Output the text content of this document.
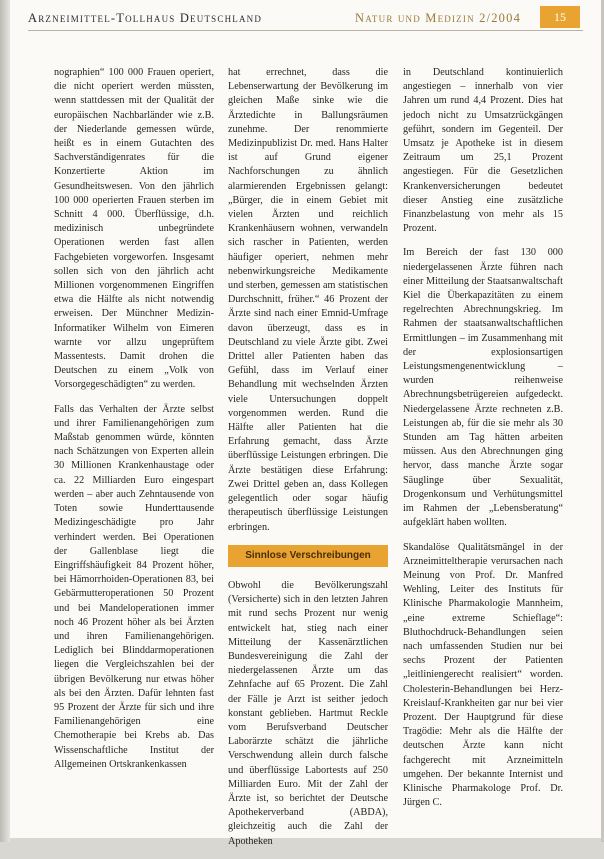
Arzneimittel-Tollhaus Deutschland	Natur und Medizin 2/2004	15

nographien“ 100 000 Frauen operiert, die nicht operiert werden müssten, wenn stattdessen mit der Qualität der europäischen Nachbarländer wie z.B. der Niederlande gemessen würde, heißt es in einem Gutachten des Sachverständigenrates für die Konzertierte Aktion im Gesundheitswesen. Von den jährlich 100 000 operierten Frauen sterben im Schnitt 4 000. Überflüssige, d.h. medizinisch unbegründete Operationen werden fast allen Fachgebieten vorgeworfen. Insgesamt sollen sich von den jährlich acht Millionen vorgenommenen Eingriffen etwa die Hälfte als nicht notwendig erweisen. Der Münchner Medizin-Informatiker Wilhelm von Eimeren warnte vor allzu ungeprüftem Massentests. Damit drohen die Deutschen zu einem „Volk von Vorsorgegeschädigten“ zu werden.

Falls das Verhalten der Ärzte selbst und ihrer Familienangehörigen zum Maßstab genommen würde, könnten nach Schätzungen von Experten allein 30 Millionen Krankenhaustage oder ca. 22 Milliarden Euro eingespart werden – aber auch Zehntausende von Toten sowie Hunderttausende Medizingeschädigte pro Jahr verhindert werden. Bei Operationen der Gallenblase liegt die Eingriffshäufigkeit 84 Prozent höher, bei Hämorrhoiden-Operationen 83, bei Gebärmutteroperationen 50 Prozent und bei Mandeloperationen immer noch 46 Prozent höher als bei Ärzten und ihren Familienangehörigen. Lediglich bei Blinddarmoperationen liegen die Vergleichszahlen bei der übrigen Bevölkerung nur etwas höher als bei den Ärzten. Dafür lehnten fast 95 Prozent der Ärzte für sich und ihre Familienangehörigen eine Chemotherapie bei Krebs ab. Das Wissenschaftliche Institut der Allgemeinen Ortskrankenkassen

hat errechnet, dass die Lebenserwartung der Bevölkerung im gleichen Maße sinke wie die Ärztedichte in Ballungsräumen zunehme. Der renommierte Medizinpublizist Dr. med. Hans Halter ist auf Grund eigener Nachforschungen zu ähnlich alarmierenden Ergebnissen gelangt: „Bürger, die in einem Gebiet mit vielen Ärzten und reichlich Krankenhäusern wohnen, verwandeln sich rascher in Patienten, werden häufiger operiert, nehmen mehr nebenwirkungsreiche Medikamente und sterben, gemessen am statistischen Durchschnitt, früher.“ 46 Prozent der Ärzte sind nach einer Emnid-Umfrage davon überzeugt, dass es in Deutschland zu viele Ärzte gibt. Zwei Drittel aller Patienten haben das Gefühl, dass im Verlauf einer Behandlung mit wechselnden Ärzten viele Untersuchungen doppelt vorgenommen werden. Rund die Hälfte aller Patienten hat die Erfahrung gemacht, dass Ärzte überflüssige Leistungen erbringen. Die Ärzte bestätigen diese Erfahrung: Zwei Drittel geben an, dass Kollegen gelegentlich oder sogar häufig therapeutisch überflüssige Leistungen erbringen.

Sinnlose Verschreibungen

Obwohl die Bevölkerungszahl (Versicherte) sich in den letzten Jahren mit rund sechs Prozent nur wenig entwickelt hat, stieg nach einer Mitteilung der Kassenärztlichen Bundesvereinigung die Zahl der niedergelassenen Ärzte um das Zehnfache auf 65 Prozent. Die Zahl der Fälle je Arzt ist seither jedoch konstant geblieben. Hartmut Reckle vom Berufsverband Deutscher Laborärzte schätzt die jährliche Verschwendung allein durch falsche und überflüssige Labortests auf 250 Milliarden Euro. Mit der Zahl der Ärzte ist, so berichtet der Deutsche Apothekerverband (ABDA), gleichzeitig auch die Zahl der Apotheken

in Deutschland kontinuierlich angestiegen – innerhalb von vier Jahren um rund 4,4 Prozent. Dies hat jedoch nicht zu Umsatzrückgängen geführt, sondern im Gegenteil. Der Umsatz je Apotheke ist in diesem Zeitraum um 25,1 Prozent angestiegen. Für die Gesetzlichen Krankenversicherungen bedeutet dieser Anstieg eine zusätzliche Finanzbelastung von mehr als 15 Prozent.

Im Bereich der fast 130 000 niedergelassenen Ärzte führen nach einer Mitteilung der Staatsanwaltschaft Kiel die Überkapazitäten zu einem regelrechten Abrechnungskrieg. Im Rahmen der staatsanwaltschaftlichen Ermittlungen – im Zusammenhang mit der explosionsartigen Leistungsmengenentwicklung – wurden reihenweise Abrechnungsbetrügereien aufgedeckt. Niedergelassene Ärzte rechneten z.B. Leistungen ab, für die sie mehr als 30 Stunden am Tag hätten arbeiten müssen. Aus den Abrechnungen ging hervor, dass manche Ärzte sogar Säuglinge über Sexualität, Drogenkonsum und Verhütungsmittel im Rahmen der „Lebensberatung“ aufgeklärt haben wollten.

Skandalöse Qualitätsmängel in der Arzneimitteltherapie verursachen nach Meinung von Prof. Dr. Manfred Wehling, Leiter des Instituts für Klinische Pharmakologie Mannheim, „eine extreme Schieflage“: Bluthochdruck-Behandlungen seien nach umfassenden Studien nur bei sechs Prozent der Patienten „leitliniengerecht realisiert“ worden. Cholesterin-Behandlungen bei Herz-Kreislauf-Krankheiten gar nur bei vier Prozent. Der Hauptgrund für diese Tragödie: Mehr als die Hälfte der deutschen Ärzte kann nicht fachgerecht mit Arzneimitteln umgehen. Der bekannte Internist und Klinische Pharmakologe Prof. Dr. Jürgen C.
